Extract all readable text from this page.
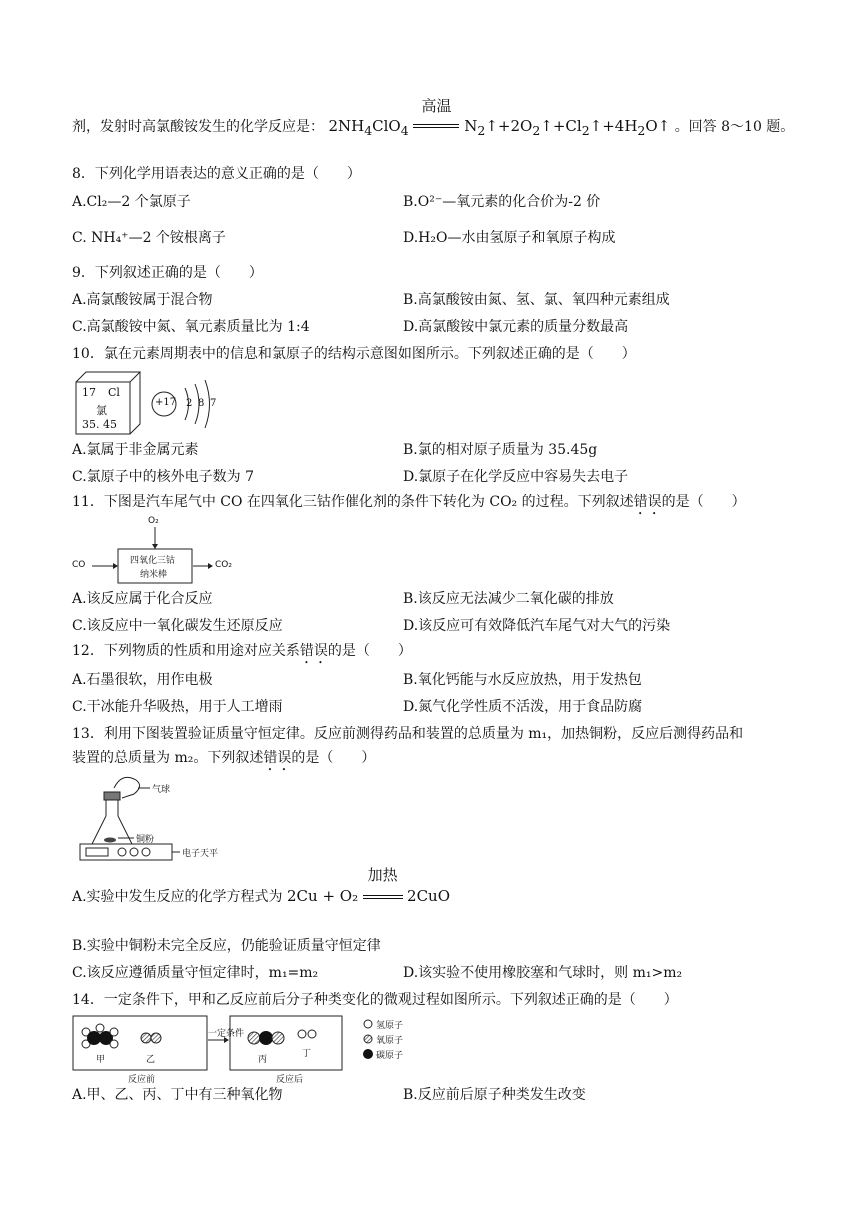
剂，发射时高氯酸铵发生的化学反应是： $2NH_4ClO_4$
高温
$N_2↑+2O_2↑+Cl_2↑+4H_2O↑$ 。回答 8～10 题。
8．下列化学用语表达的意义正确的是（　　）
A.Cl₂—2 个氯原子	B.O²⁻—氧元素的化合价为-2 价
C. NH₄⁺—2 个铵根离子	D.H₂O—水由氢原子和氧原子构成
9．下列叙述正确的是（　　）
A.高氯酸铵属于混合物	B.高氯酸铵由氮、氢、氯、氧四种元素组成
C.高氯酸铵中氮、氧元素质量比为 1:4	D.高氯酸铵中氯元素的质量分数最高
10．氯在元素周期表中的信息和氯原子的结构示意图如图所示。下列叙述正确的是（　　）
17 Cl
氯
35. 45
+17 2 8 7
A.氯属于非金属元素	B.氯的相对原子质量为 35.45g
C.氯原子中的核外电子数为 7	D.氯原子在化学反应中容易失去电子
11．下图是汽车尾气中 CO 在四氧化三钴作催化剂的条件下转化为 CO₂ 的过程。下列叙述错误的是（　　）
O₂
CO	四氧化三钴
纳米棒
CO₂
A.该反应属于化合反应	B.该反应无法减少二氧化碳的排放
C.该反应中一氧化碳发生还原反应	D.该反应可有效降低汽车尾气对大气的污染
12．下列物质的性质和用途对应关系错误的是（　　）
A.石墨很软，用作电极	B.氧化钙能与水反应放热，用于发热包
C.干冰能升华吸热，用于人工增雨	D.氮气化学性质不活泼，用于食品防腐
13．利用下图装置验证质量守恒定律。反应前测得药品和装置的总质量为 m₁，加热铜粉，反应后测得药品和
装置的总质量为 m₂。下列叙述错误的是（　　）
气球
铜粉
电子天平
A.实验中发生反应的化学方程式为 2Cu + O₂
加热
2CuO
B.实验中铜粉未完全反应，仍能验证质量守恒定律
C.该反应遵循质量守恒定律时，m₁=m₂	D.该实验不使用橡胶塞和气球时，则 m₁>m₂
14．一定条件下，甲和乙反应前后分子种类变化的微观过程如图所示。下列叙述正确的是（　　）
甲	乙
一定条件
丙
丁
反应前	反应后
氢原子
氧原子
碳原子
A.甲、乙、丙、丁中有三种氧化物	B.反应前后原子种类发生改变
